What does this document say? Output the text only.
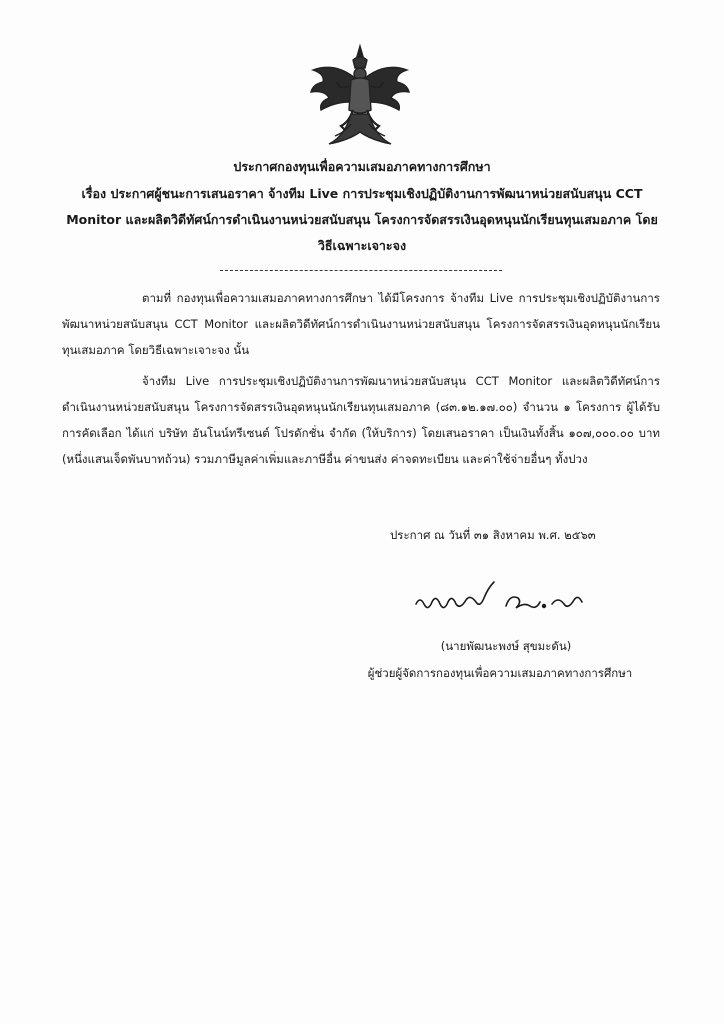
ประกาศกองทุนเพื่อความเสมอภาคทางการศึกษา
เรื่อง ประกาศผู้ชนะการเสนอราคา จ้างทีม Live การประชุมเชิงปฏิบัติงานการพัฒนาหน่วยสนับสนุน CCT Monitor และผลิตวิดีทัศน์การดำเนินงานหน่วยสนับสนุน โครงการจัดสรรเงินอุดหนุนนักเรียนทุนเสมอภาค โดยวิธีเฉพาะเจาะจง
ตามที่ กองทุนเพื่อความเสมอภาคทางการศึกษา ได้มีโครงการ จ้างทีม Live การประชุมเชิงปฏิบัติงานการพัฒนาหน่วยสนับสนุน CCT Monitor และผลิตวิดีทัศน์การดำเนินงานหน่วยสนับสนุน โครงการจัดสรรเงินอุดหนุนนักเรียนทุนเสมอภาค โดยวิธีเฉพาะเจาะจง นั้น
จ้างทีม Live การประชุมเชิงปฏิบัติงานการพัฒนาหน่วยสนับสนุน CCT Monitor และผลิตวิดีทัศน์การดำเนินงานหน่วยสนับสนุน โครงการจัดสรรเงินอุดหนุนนักเรียนทุนเสมอภาค (๘๓.๑๒.๑๗.๐๐) จำนวน ๑ โครงการ ผู้ได้รับการคัดเลือก ได้แก่ บริษัท อันโนน์ทรีเซนต์ โปรดักชั่น จำกัด (ให้บริการ) โดยเสนอราคา เป็นเงินทั้งสิ้น ๑๐๗,๐๐๐.๐๐ บาท (หนึ่งแสนเจ็ดพันบาทถ้วน) รวมภาษีมูลค่าเพิ่มและภาษีอื่น ค่าขนส่ง ค่าจดทะเบียน และค่าใช้จ่ายอื่นๆ ทั้งปวง
ประกาศ ณ วันที่ ๓๑ สิงหาคม พ.ศ. ๒๕๖๓
(นายพัฒนะพงษ์ สุขมะดัน)
ผู้ช่วยผู้จัดการกองทุนเพื่อความเสมอภาคทางการศึกษา
